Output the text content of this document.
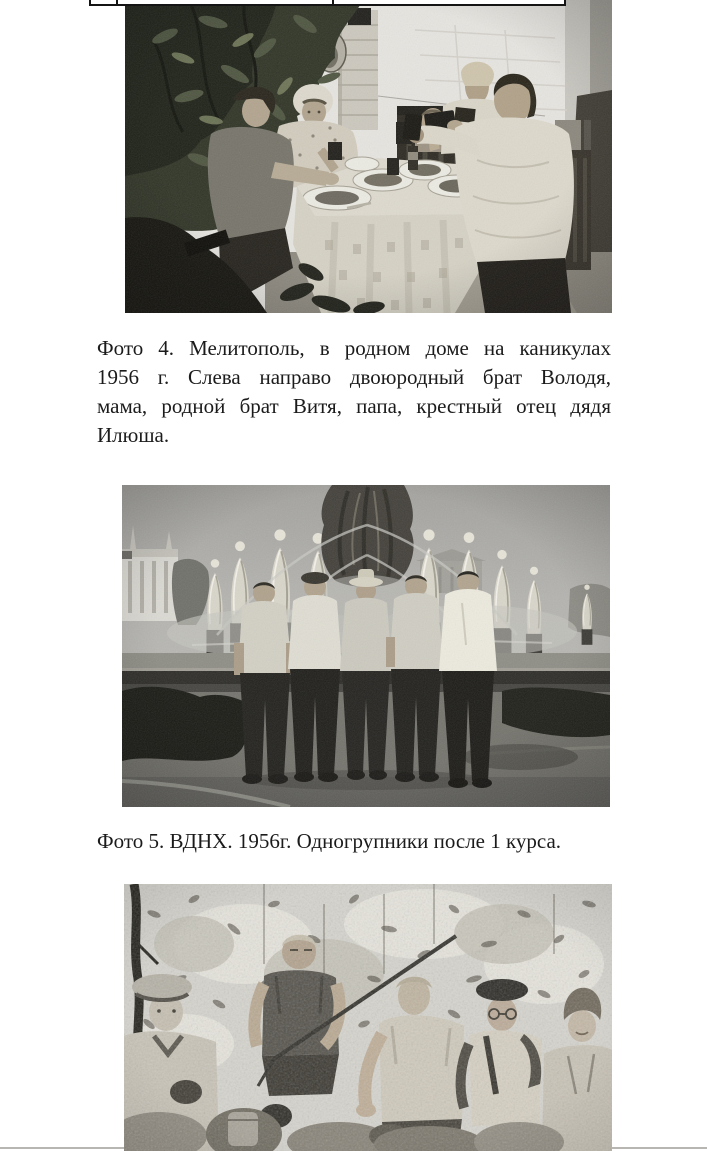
Фото 4. Мелитополь, в родном доме на каникулах
1956 г. Слева направо двоюродный брат Володя,
мама, родной брат Витя, папа, крестный отец дядя
Илюша.
Фото 5. ВДНХ. 1956г. Одногрупники после 1 курса.
